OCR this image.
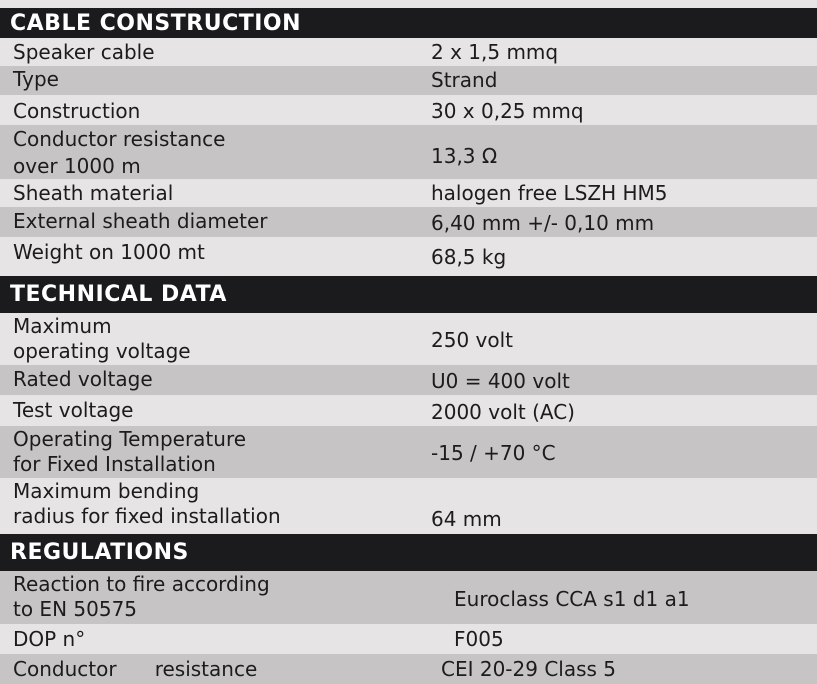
CABLE CONSTRUCTION
Speaker cable	2 x 1,5 mmq
Type	Strand
Construction	30 x 0,25 mmq
Conductor resistance
over 1000 m	13,3 Ω
Sheath material	halogen free LSZH HM5
External sheath diameter	6,40 mm +/- 0,10 mm
Weight on 1000 mt	68,5 kg
TECHNICAL DATA
Maximum
operating voltage	250 volt
Rated voltage	U0 = 400 volt
Test voltage	2000 volt (AC)
Operating Temperature
for Fixed Installation	-15 / +70 °C
Maximum bending
radius for fixed installation	64 mm
REGULATIONS
Reaction to fire according
to EN 50575	Euroclass CCA s1 d1 a1
DOP n°	F005
Conductor      resistance	CEI 20-29 Class 5
